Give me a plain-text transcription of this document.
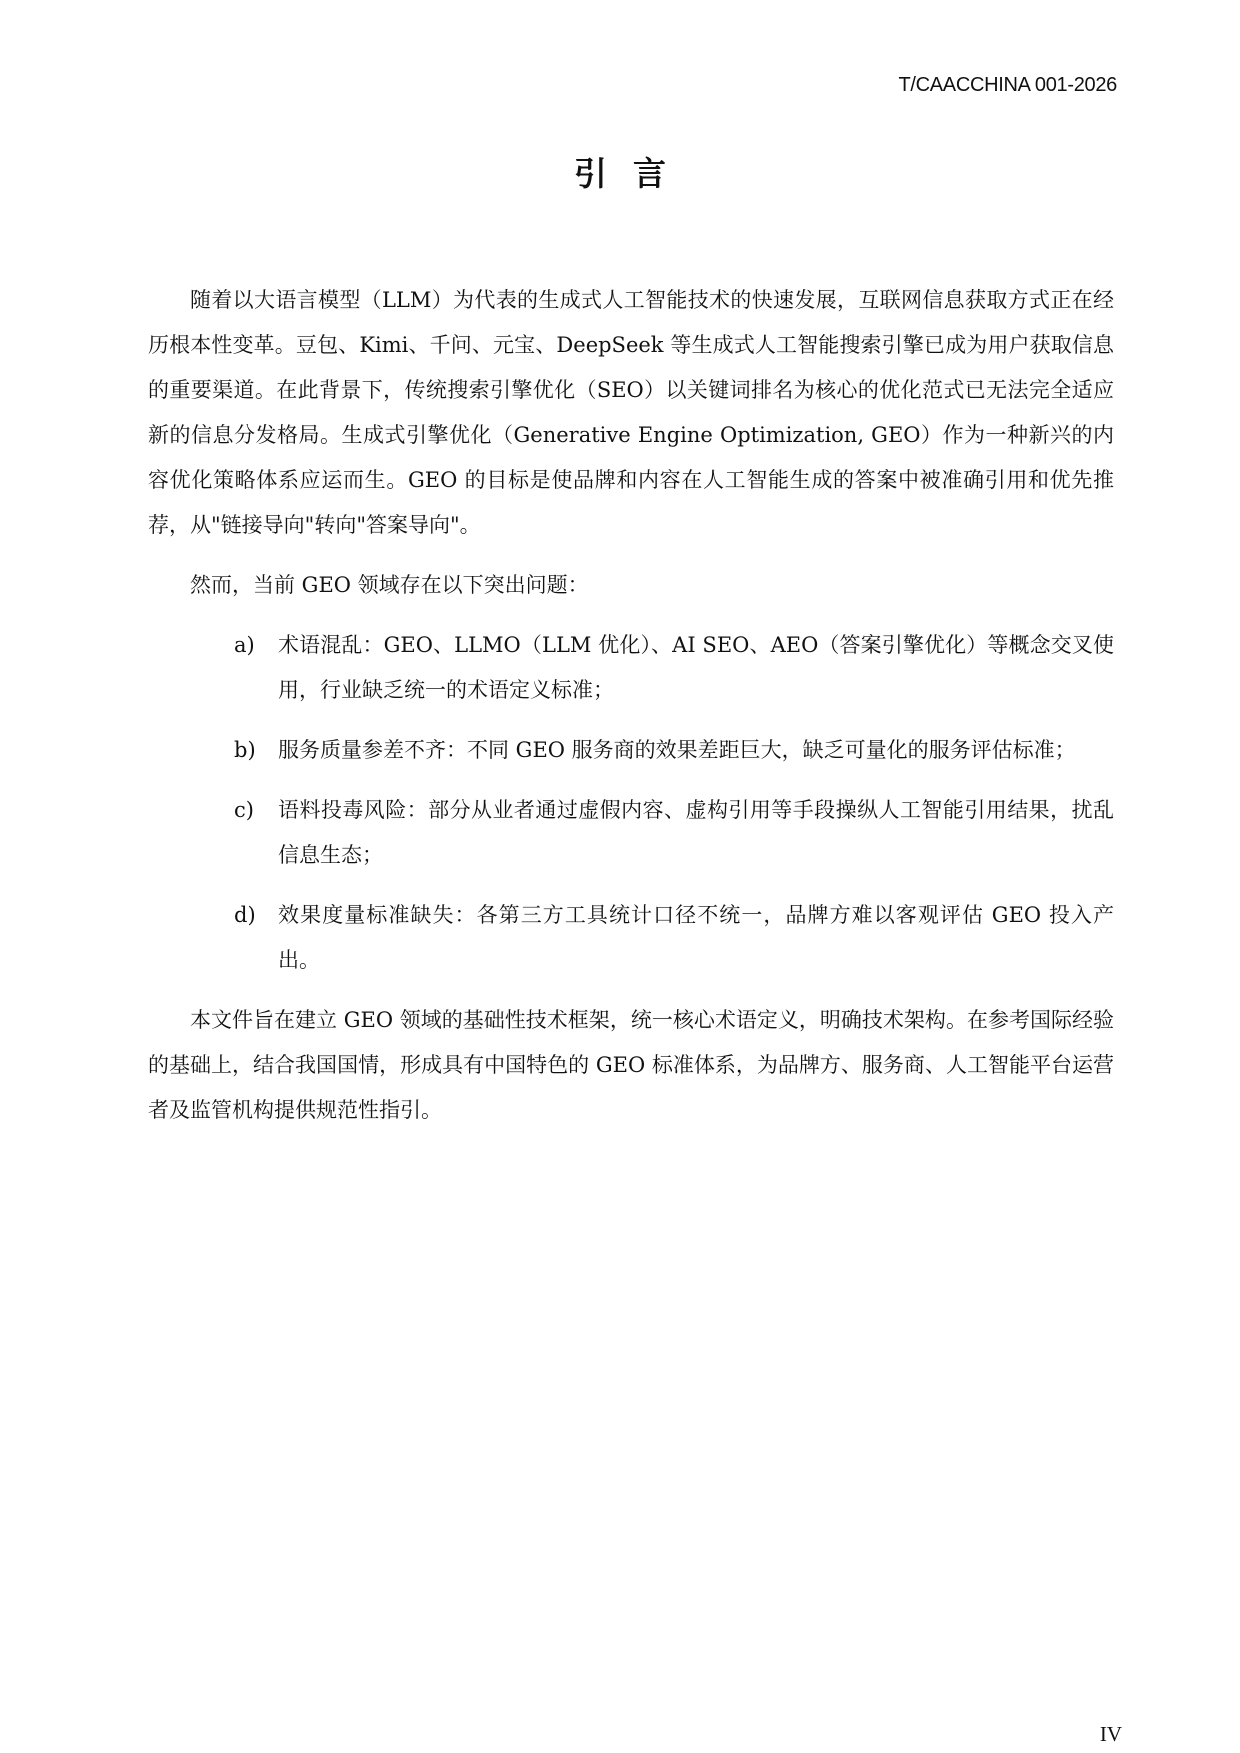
T/CAACCHINA 001-2026
引言

随着以大语言模型（LLM）为代表的生成式人工智能技术的快速发展，互联网信息获取方式正在经历根本性变革。豆包、Kimi、千问、元宝、DeepSeek 等生成式人工智能搜索引擎已成为用户获取信息的重要渠道。在此背景下，传统搜索引擎优化（SEO）以关键词排名为核心的优化范式已无法完全适应新的信息分发格局。生成式引擎优化（Generative Engine Optimization, GEO）作为一种新兴的内容优化策略体系应运而生。GEO 的目标是使品牌和内容在人工智能生成的答案中被准确引用和优先推荐，从"链接导向"转向"答案导向"。

然而，当前 GEO 领域存在以下突出问题：

a) 术语混乱：GEO、LLMO（LLM 优化）、AI SEO、AEO（答案引擎优化）等概念交叉使用，行业缺乏统一的术语定义标准；
b) 服务质量参差不齐：不同 GEO 服务商的效果差距巨大，缺乏可量化的服务评估标准；
c) 语料投毒风险：部分从业者通过虚假内容、虚构引用等手段操纵人工智能引用结果，扰乱信息生态；
d) 效果度量标准缺失：各第三方工具统计口径不统一，品牌方难以客观评估 GEO 投入产出。

本文件旨在建立 GEO 领域的基础性技术框架，统一核心术语定义，明确技术架构。在参考国际经验的基础上，结合我国国情，形成具有中国特色的 GEO 标准体系，为品牌方、服务商、人工智能平台运营者及监管机构提供规范性指引。

IV
